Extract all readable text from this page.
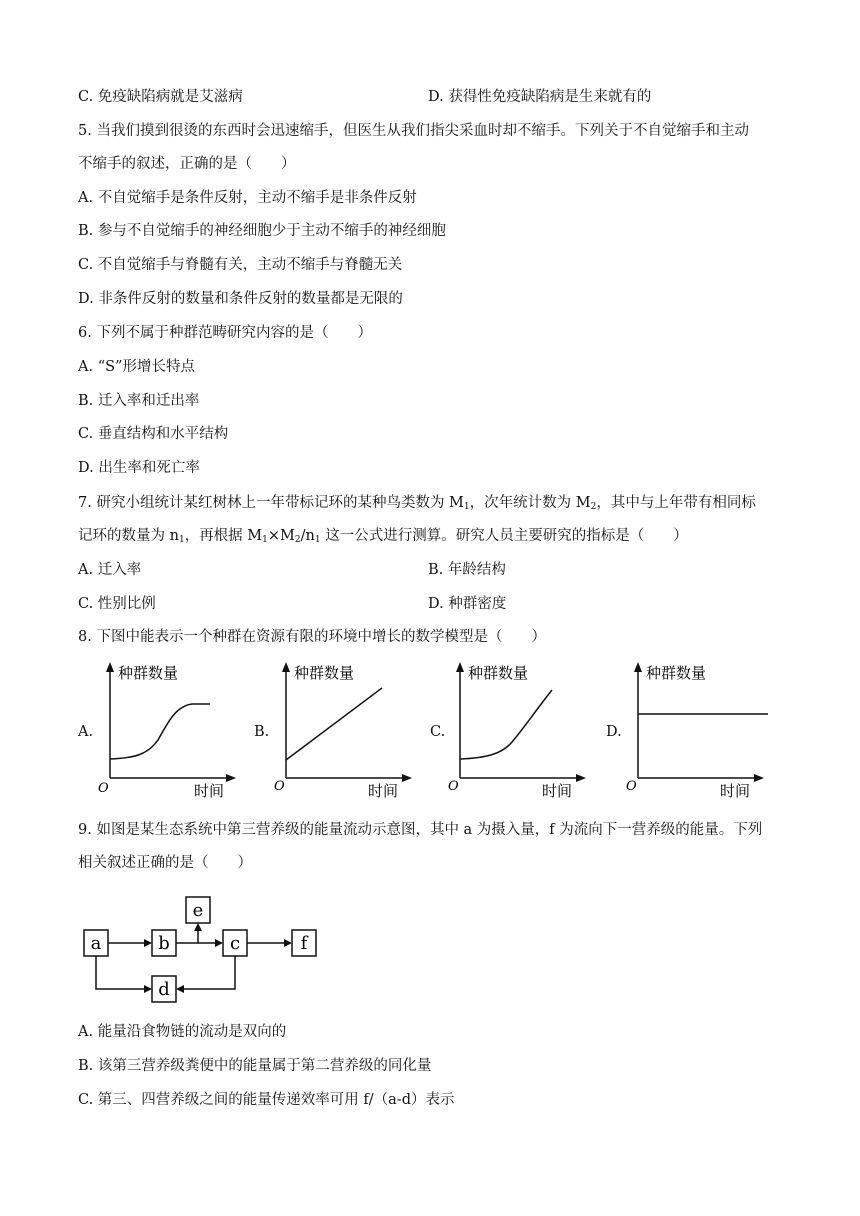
C. 免疫缺陷病就是艾滋病	D. 获得性免疫缺陷病是生来就有的
5. 当我们摸到很烫的东西时会迅速缩手，但医生从我们指尖采血时却不缩手。下列关于不自觉缩手和主动
不缩手的叙述，正确的是（　　）
A. 不自觉缩手是条件反射，主动不缩手是非条件反射
B. 参与不自觉缩手的神经细胞少于主动不缩手的神经细胞
C. 不自觉缩手与脊髓有关，主动不缩手与脊髓无关
D. 非条件反射的数量和条件反射的数量都是无限的
6. 下列不属于种群范畴研究内容的是（　　）
A. “S”形增长特点
B. 迁入率和迁出率
C. 垂直结构和水平结构
D. 出生率和死亡率
7. 研究小组统计某红树林上一年带标记环的某种鸟类数为 $M_1$，次年统计数为 $M_2$，其中与上年带有相同标
记环的数量为 $n_1$，再根据 $M_1\times M_2/n_1$ 这一公式进行测算。研究人员主要研究的指标是（　　）
A. 迁入率	B. 年龄结构
C. 性别比例	D. 种群密度
8. 下图中能表示一个种群在资源有限的环境中增长的数学模型是（　　）
A.	B.	C.	D.
种群数量
O	时间
种群数量
O	时间
种群数量
O	时间
种群数量
O	时间
9. 如图是某生态系统中第三营养级的能量流动示意图，其中 a 为摄入量，f 为流向下一营养级的能量。下列
相关叙述正确的是（　　）
a	b
e
c	f
d
A. 能量沿食物链的流动是双向的
B. 该第三营养级粪便中的能量属于第二营养级的同化量
C. 第三、四营养级之间的能量传递效率可用 f/（a-d）表示
